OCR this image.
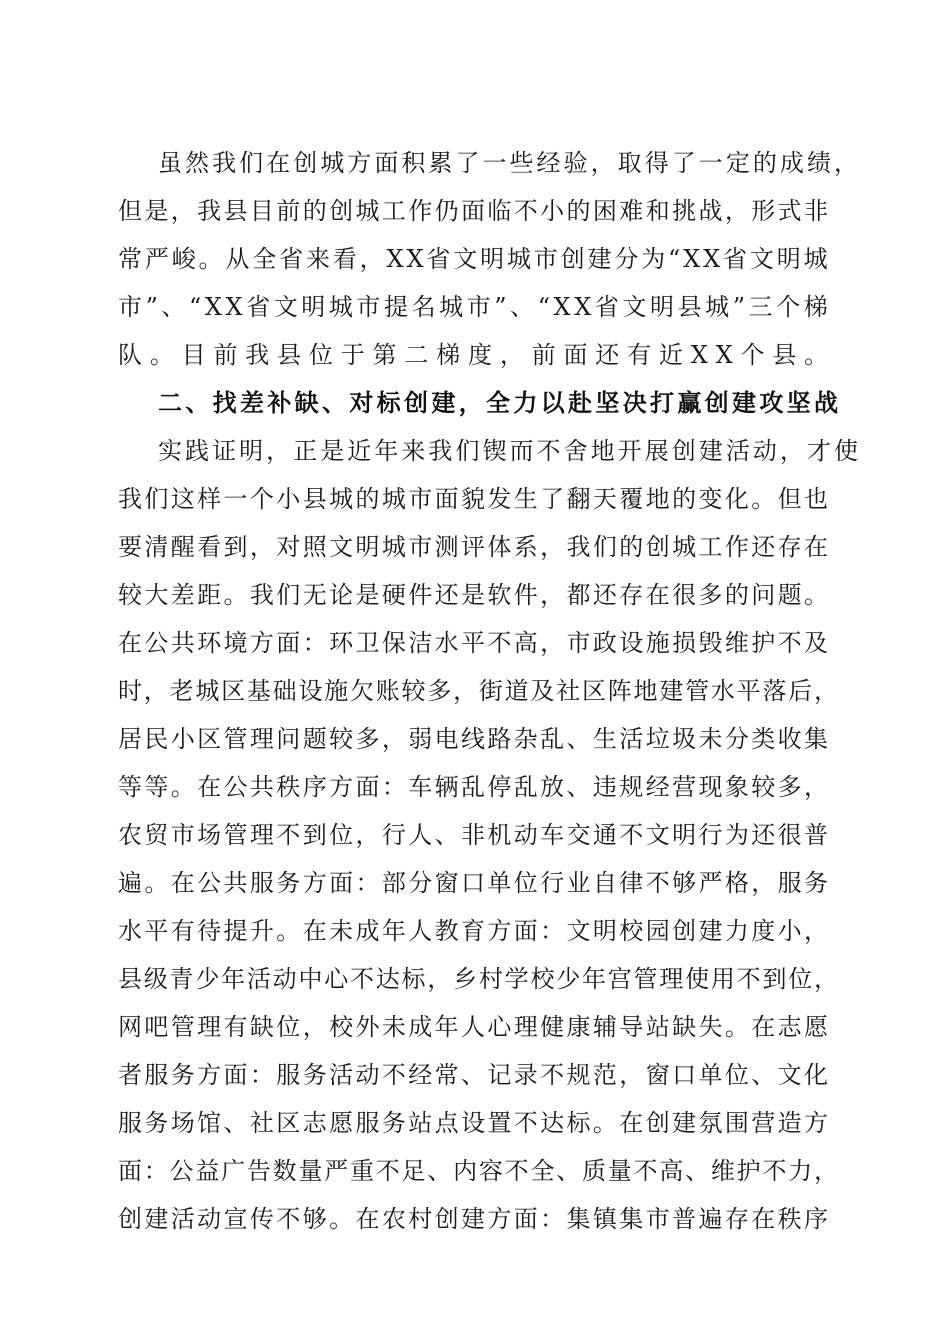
虽然我们在创城方面积累了一些经验，取得了一定的成绩，
但是，我县目前的创城工作仍面临不小的困难和挑战，形式非
常严峻。从全省来看，XX省文明城市创建分为“XX省文明城
市”、“XX省文明城市提名城市”、“XX省文明县城”三个梯
队。目前我县位于第二梯度，前面还有近XX个县。
二、找差补缺、对标创建，全力以赴坚决打赢创建攻坚战
实践证明，正是近年来我们锲而不舍地开展创建活动，才使
我们这样一个小县城的城市面貌发生了翻天覆地的变化。但也
要清醒看到，对照文明城市测评体系，我们的创城工作还存在
较大差距。我们无论是硬件还是软件，都还存在很多的问题。
在公共环境方面：环卫保洁水平不高，市政设施损毁维护不及
时，老城区基础设施欠账较多，街道及社区阵地建管水平落后，
居民小区管理问题较多，弱电线路杂乱、生活垃圾未分类收集
等等。在公共秩序方面：车辆乱停乱放、违规经营现象较多，
农贸市场管理不到位，行人、非机动车交通不文明行为还很普
遍。在公共服务方面：部分窗口单位行业自律不够严格，服务
水平有待提升。在未成年人教育方面：文明校园创建力度小，
县级青少年活动中心不达标，乡村学校少年宫管理使用不到位，
网吧管理有缺位，校外未成年人心理健康辅导站缺失。在志愿
者服务方面：服务活动不经常、记录不规范，窗口单位、文化
服务场馆、社区志愿服务站点设置不达标。在创建氛围营造方
面：公益广告数量严重不足、内容不全、质量不高、维护不力，
创建活动宣传不够。在农村创建方面：集镇集市普遍存在秩序
